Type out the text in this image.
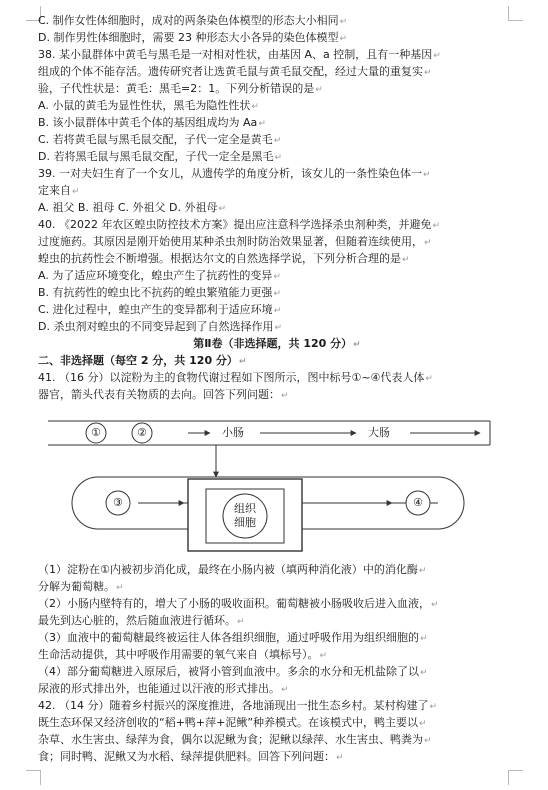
C. 制作女性体细胞时，成对的两条染色体模型的形态大小相同↵
D. 制作男性体细胞时，需要 23 种形态大小各异的染色体模型↵
38. 某小鼠群体中黄毛与黑毛是一对相对性状，由基因 A、a 控制，且有一种基因↵
组成的个体不能存活。遗传研究者让选黄毛鼠与黄毛鼠交配，经过大量的重复实↵
验，子代性状是：黄毛：黑毛=2：1。下列分析错误的是↵
A. 小鼠的黄毛为显性性状，黑毛为隐性性状↵
B. 该小鼠群体中黄毛个体的基因组成均为 Aa↵
C. 若将黄毛鼠与黑毛鼠交配，子代一定全是黄毛↵
D. 若将黑毛鼠与黑毛鼠交配，子代一定全是黑毛↵
39. 一对夫妇生育了一个女儿，从遗传学的角度分析，该女儿的一条性染色体一↵
定来自↵
A. 祖父 B. 祖母 C. 外祖父 D. 外祖母↵
40. 《2022 年农区蝗虫防控技术方案》提出应注意科学选择杀虫剂种类，并避免↵
过度施药。其原因是刚开始使用某种杀虫剂时防治效果显著，但随着连续使用，↵
蝗虫的抗药性会不断增强。根据达尔文的自然选择学说，下列分析合理的是↵
A. 为了适应环境变化，蝗虫产生了抗药性的变异↵
B. 有抗药性的蝗虫比不抗药的蝗虫繁殖能力更强↵
C. 进化过程中，蝗虫产生的变异都利于适应环境↵
D. 杀虫剂对蝗虫的不同变异起到了自然选择作用↵
第Ⅱ卷（非选择题，共 120 分）↵
二、非选择题（每空 2 分，共 120 分）↵
41. （16 分）以淀粉为主的食物代谢过程如下图所示，图中标号①~④代表人体↵
器官，箭头代表有关物质的去向。回答下列问题：↵
①	②	小肠	大肠
③	④
组织
细胞
（1）淀粉在①内被初步消化成，最终在小肠内被（填两种消化液）中的消化酶↵
分解为葡萄糖。↵
（2）小肠内壁特有的，增大了小肠的吸收面积。葡萄糖被小肠吸收后进入血液，↵
最先到达心脏的，然后随血液进行循环。↵
（3）血液中的葡萄糖最终被运往人体各组织细胞，通过呼吸作用为组织细胞的↵
生命活动提供，其中呼吸作用需要的氧气来自（填标号）。↵
（4）部分葡萄糖进入原尿后，被肾小管到血液中。多余的水分和无机盐除了以↵
尿液的形式排出外，也能通过以汗液的形式排出。↵
42. （14 分）随着乡村振兴的深度推进，各地涌现出一批生态乡村。某村构建了↵
既生态环保又经济创收的“稻+鸭+萍+泥鳅”种养模式。在该模式中，鸭主要以↵
杂草、水生害虫、绿萍为食，偶尔以泥鳅为食；泥鳅以绿萍、水生害虫、鸭粪为↵
食；同时鸭、泥鳅又为水稻、绿萍提供肥料。回答下列问题：↵
